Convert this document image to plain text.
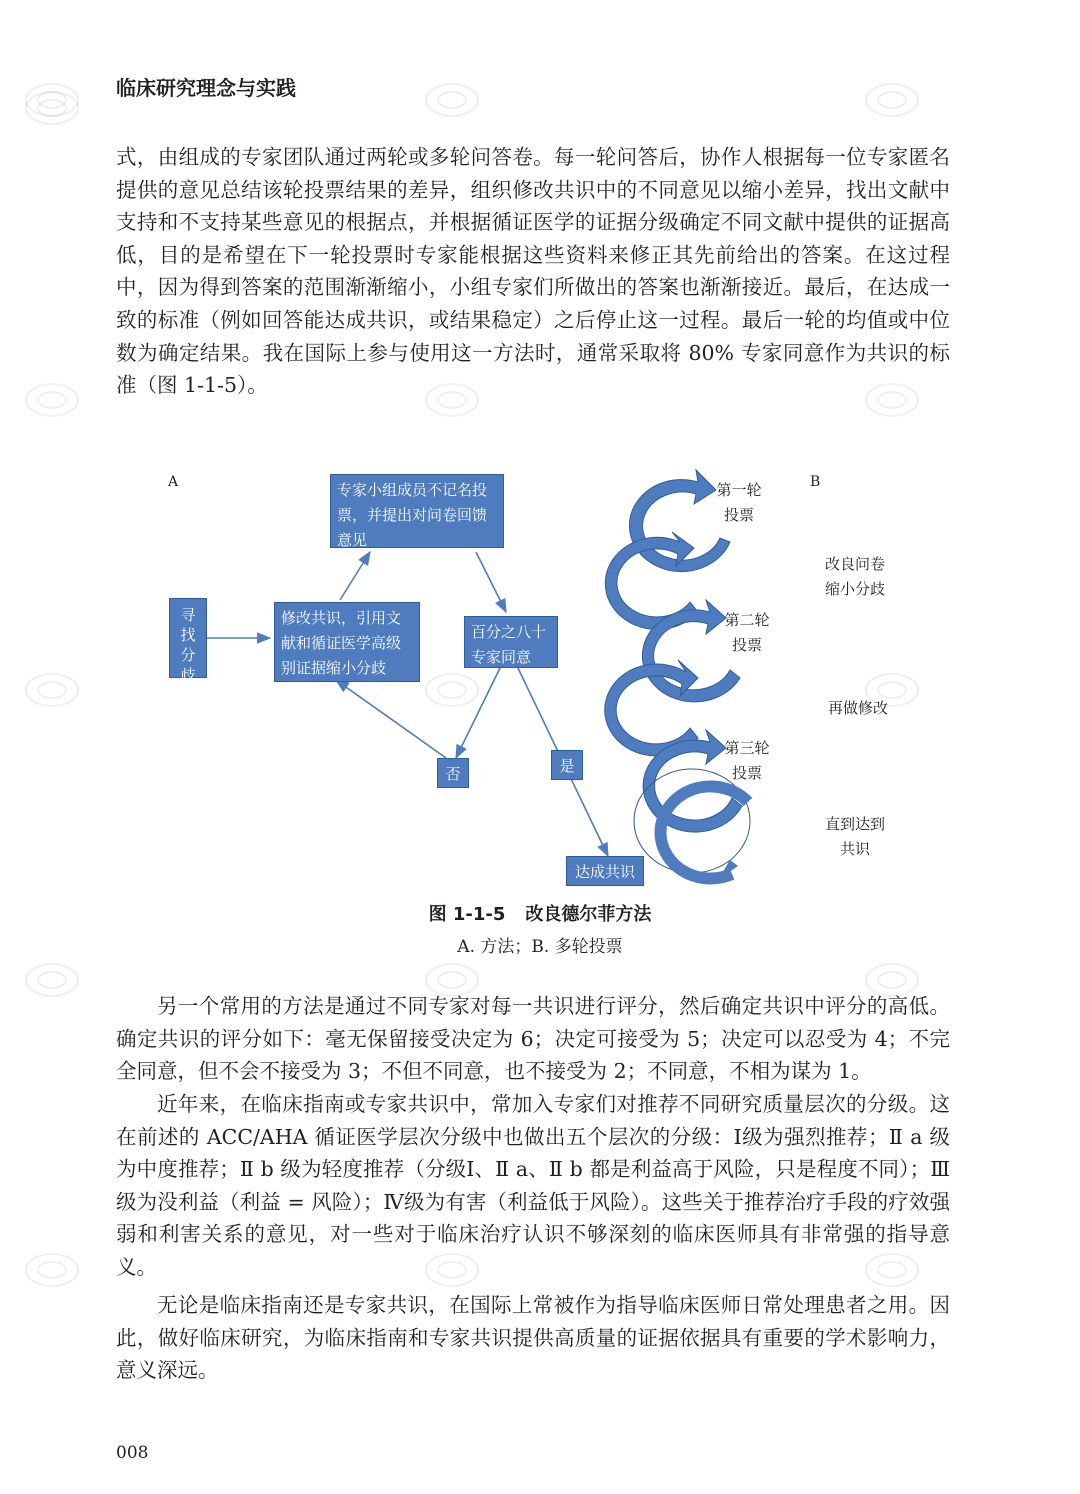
临床研究理念与实践

式，由组成的专家团队通过两轮或多轮问答卷。每一轮问答后，协作人根据每一位专家匿名提供的意见总结该轮投票结果的差异，组织修改共识中的不同意见以缩小差异，找出文献中支持和不支持某些意见的根据点，并根据循证医学的证据分级确定不同文献中提供的证据高低，目的是希望在下一轮投票时专家能根据这些资料来修正其先前给出的答案。在这过程中，因为得到答案的范围渐渐缩小，小组专家们所做出的答案也渐渐接近。最后，在达成一致的标准（例如回答能达成共识，或结果稳定）之后停止这一过程。最后一轮的均值或中位数为确定结果。我在国际上参与使用这一方法时，通常采取将 80% 专家同意作为共识的标准（图 1-1-5）。

A	B
寻找分歧
专家小组成员不记名投票，并提出对问卷回馈意见
修改共识，引用文献和循证医学高级别证据缩小分歧
百分之八十专家同意
否	是
达成共识
第一轮投票
第二轮投票
第三轮投票
改良问卷缩小分歧
再做修改
直到达到共识
图 1-1-5 改良德尔菲方法
A. 方法；B. 多轮投票

另一个常用的方法是通过不同专家对每一共识进行评分，然后确定共识中评分的高低。确定共识的评分如下：毫无保留接受决定为 6；决定可接受为 5；决定可以忍受为 4；不完全同意，但不会不接受为 3；不但不同意，也不接受为 2；不同意，不相为谋为 1。

近年来，在临床指南或专家共识中，常加入专家们对推荐不同研究质量层次的分级。这在前述的 ACC/AHA 循证医学层次分级中也做出五个层次的分级：Ⅰ级为强烈推荐；Ⅱ a 级为中度推荐；Ⅱ b 级为轻度推荐（分级Ⅰ、Ⅱ a、Ⅱ b 都是利益高于风险，只是程度不同）；Ⅲ级为没利益（利益 = 风险）；Ⅳ级为有害（利益低于风险）。这些关于推荐治疗手段的疗效强弱和利害关系的意见，对一些对于临床治疗认识不够深刻的临床医师具有非常强的指导意义。

无论是临床指南还是专家共识，在国际上常被作为指导临床医师日常处理患者之用。因此，做好临床研究，为临床指南和专家共识提供高质量的证据依据具有重要的学术影响力，意义深远。

008
